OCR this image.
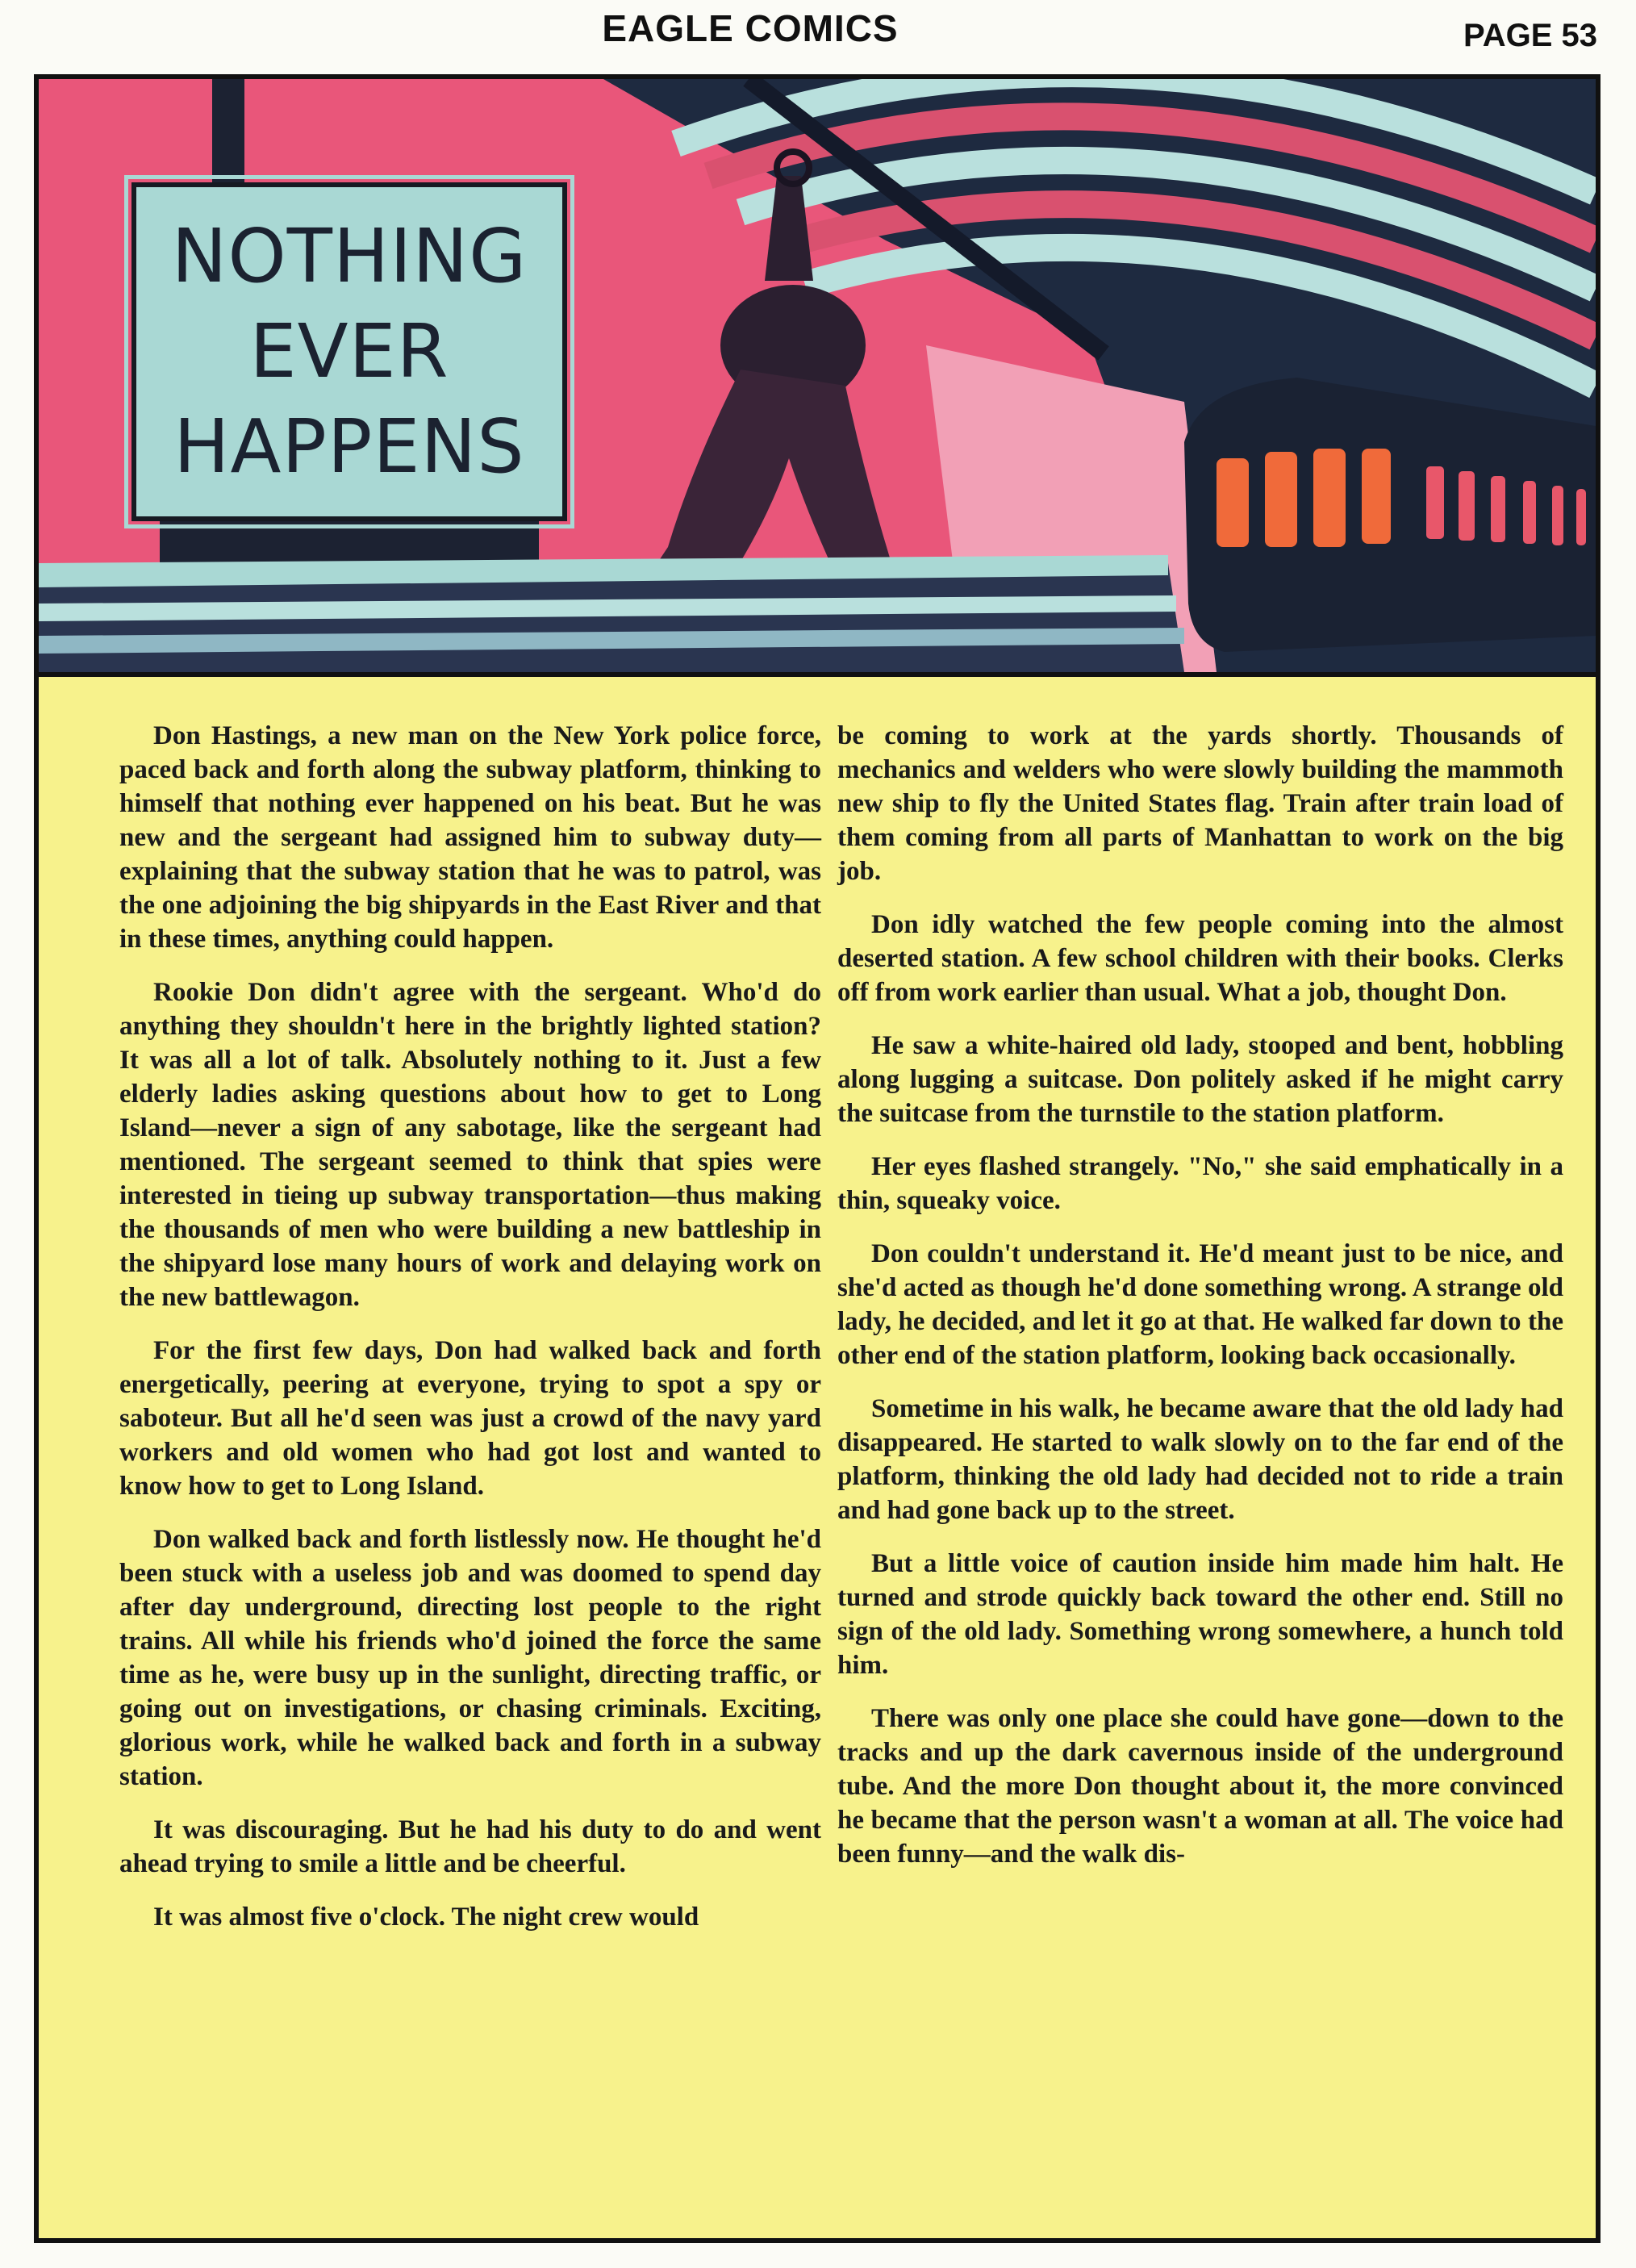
EAGLE COMICS	PAGE 53
NOTHING
EVER
HAPPENS

Don Hastings, a new man on the New York police force, paced back and forth along the subway platform, thinking to himself that nothing ever happened on his beat. But he was new and the sergeant had assigned him to subway duty—explaining that the subway station that he was to patrol, was the one adjoining the big shipyards in the East River and that in these times, anything could happen.

Rookie Don didn't agree with the sergeant. Who'd do anything they shouldn't here in the brightly lighted station? It was all a lot of talk. Absolutely nothing to it. Just a few elderly ladies asking questions about how to get to Long Island—never a sign of any sabotage, like the sergeant had mentioned. The sergeant seemed to think that spies were interested in tieing up subway transportation—thus making the thousands of men who were building a new battleship in the shipyard lose many hours of work and delaying work on the new battlewagon.

For the first few days, Don had walked back and forth energetically, peering at everyone, trying to spot a spy or saboteur. But all he'd seen was just a crowd of the navy yard workers and old women who had got lost and wanted to know how to get to Long Island.

Don walked back and forth listlessly now. He thought he'd been stuck with a useless job and was doomed to spend day after day underground, directing lost people to the right trains. All while his friends who'd joined the force the same time as he, were busy up in the sunlight, directing traffic, or going out on investigations, or chasing criminals. Exciting, glorious work, while he walked back and forth in a subway station.

It was discouraging. But he had his duty to do and went ahead trying to smile a little and be cheerful.

It was almost five o'clock. The night crew would

be coming to work at the yards shortly. Thousands of mechanics and welders who were slowly building the mammoth new ship to fly the United States flag. Train after train load of them coming from all parts of Manhattan to work on the big job.

Don idly watched the few people coming into the almost deserted station. A few school children with their books. Clerks off from work earlier than usual. What a job, thought Don.

He saw a white-haired old lady, stooped and bent, hobbling along lugging a suitcase. Don politely asked if he might carry the suitcase from the turnstile to the station platform.

Her eyes flashed strangely. "No," she said emphatically in a thin, squeaky voice.

Don couldn't understand it. He'd meant just to be nice, and she'd acted as though he'd done something wrong. A strange old lady, he decided, and let it go at that. He walked far down to the other end of the station platform, looking back occasionally.

Sometime in his walk, he became aware that the old lady had disappeared. He started to walk slowly on to the far end of the platform, thinking the old lady had decided not to ride a train and had gone back up to the street.

But a little voice of caution inside him made him halt. He turned and strode quickly back toward the other end. Still no sign of the old lady. Something wrong somewhere, a hunch told him.

There was only one place she could have gone—down to the tracks and up the dark cavernous inside of the underground tube. And the more Don thought about it, the more convinced he became that the person wasn't a woman at all. The voice had been funny—and the walk dis-
